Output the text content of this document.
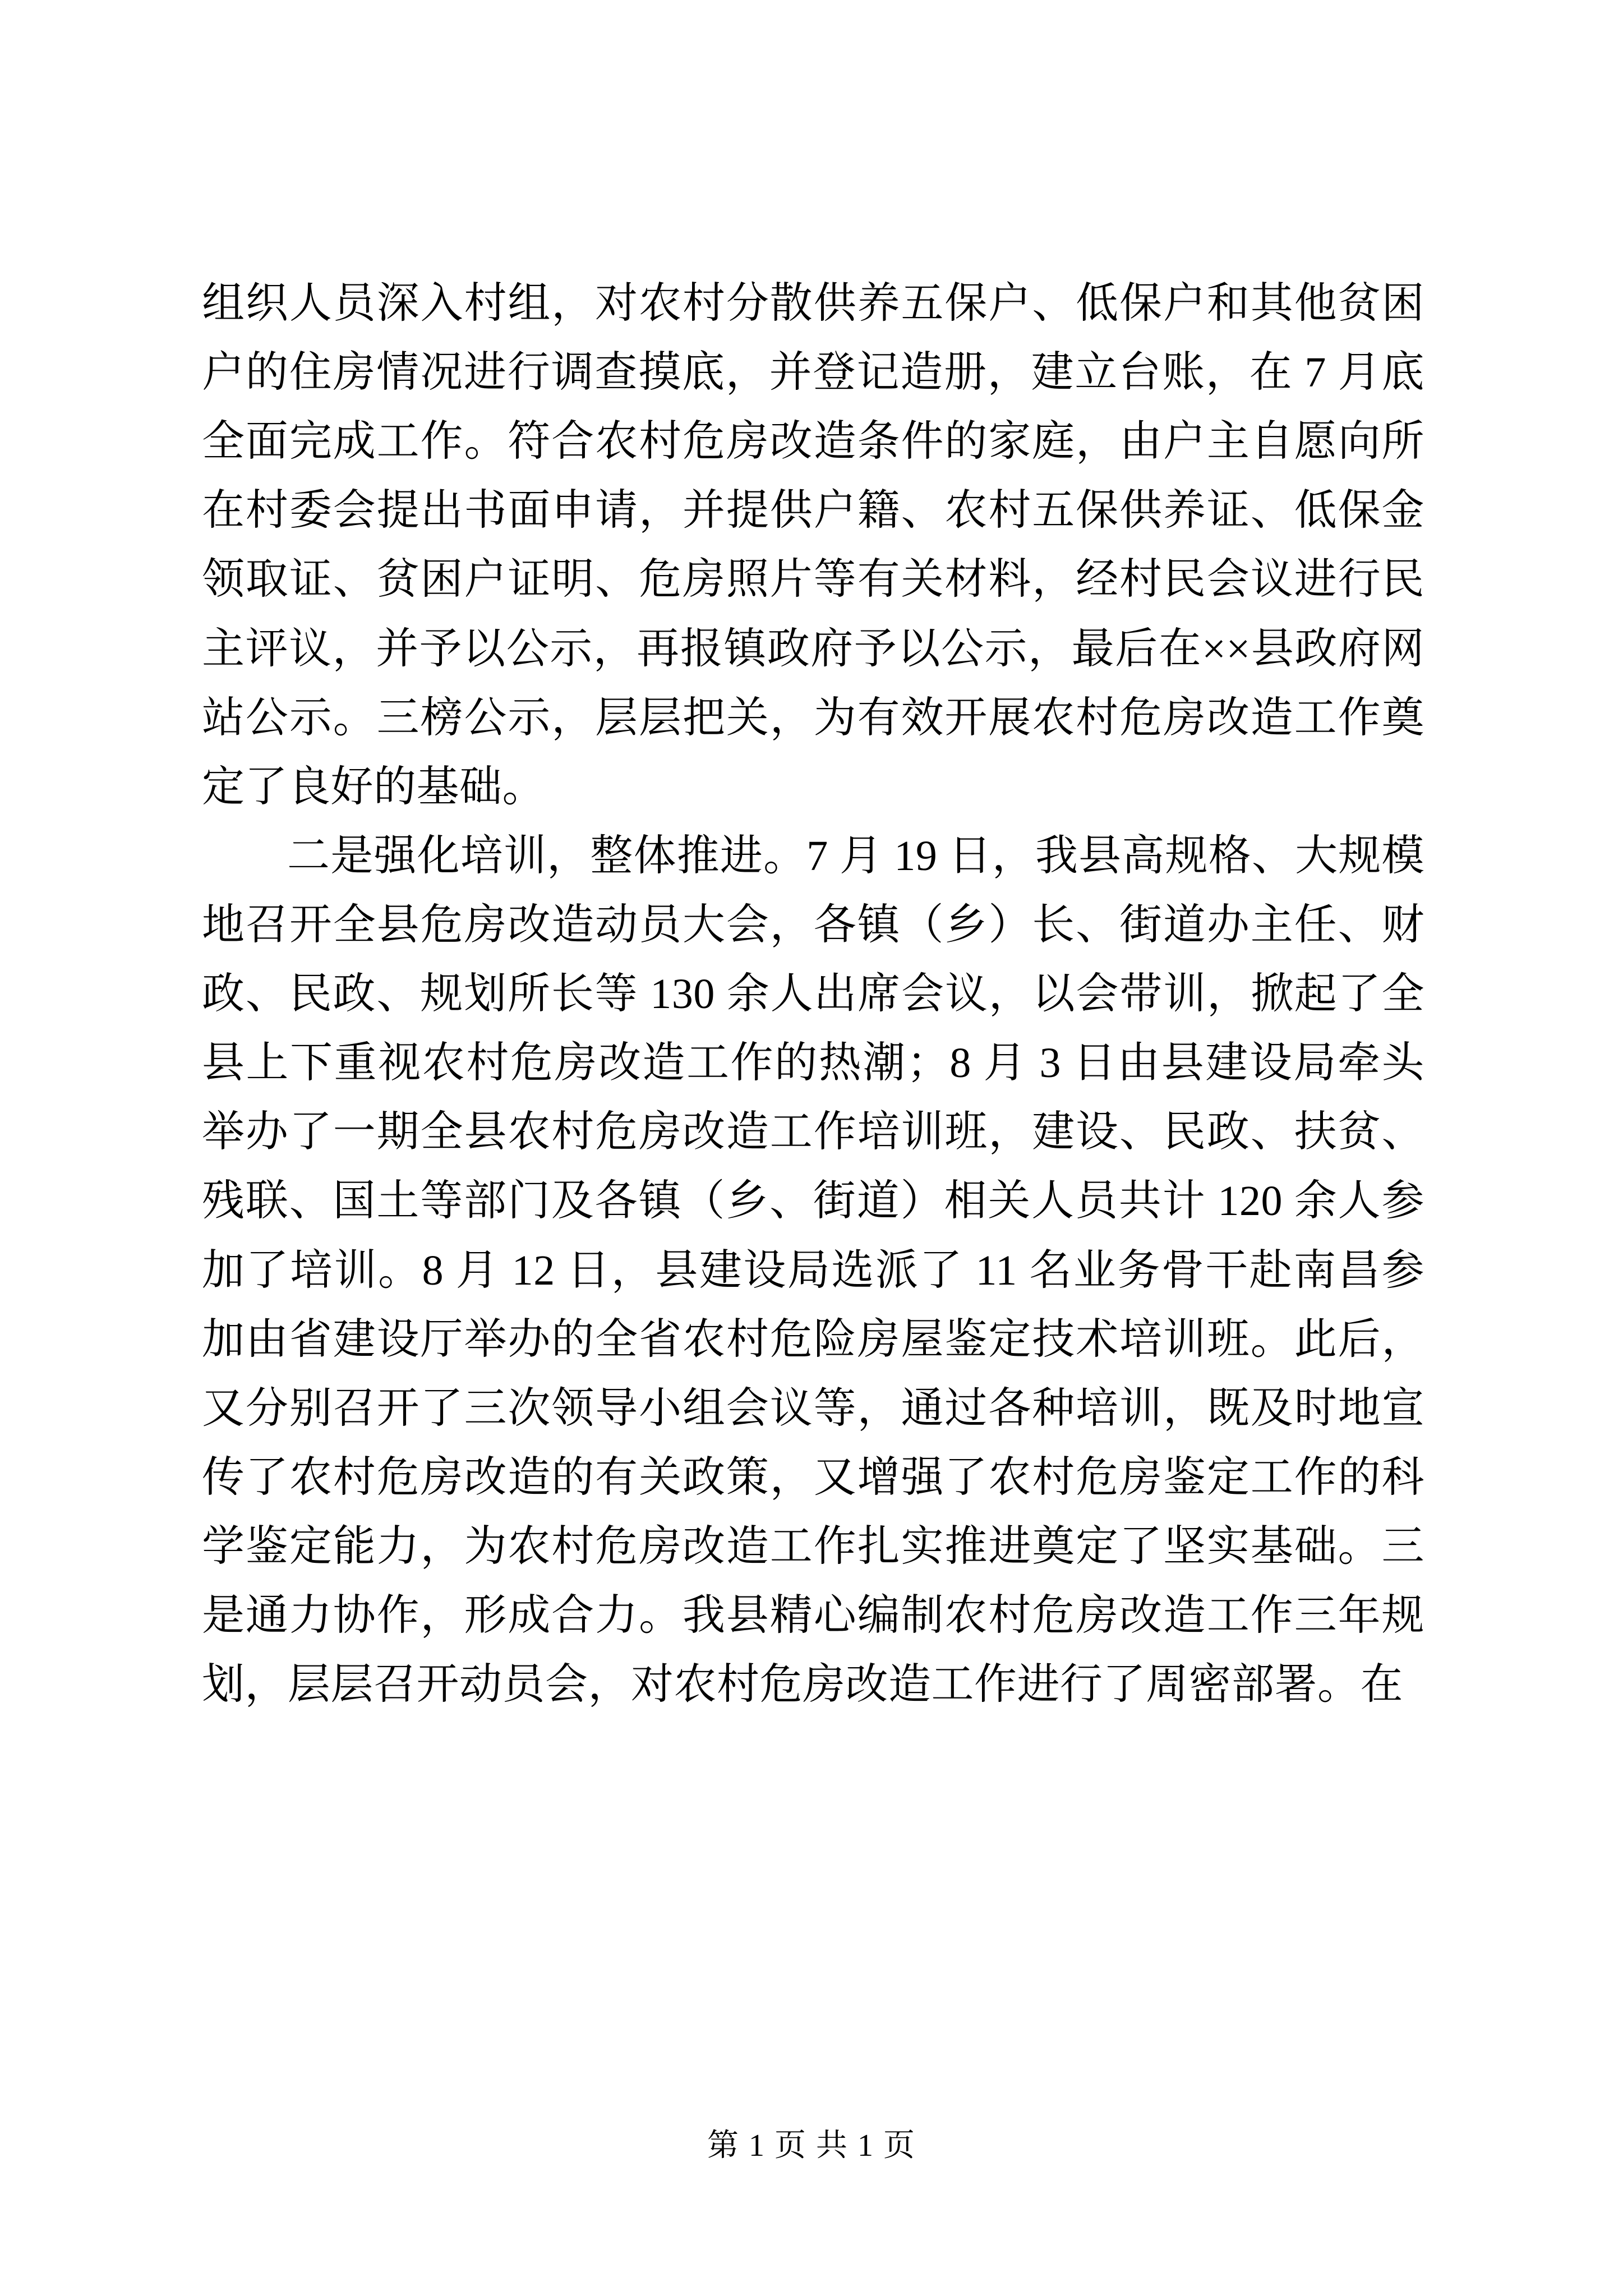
组织人员深入村组，对农村分散供养五保户、低保户和其他贫困户的住房情况进行调查摸底，并登记造册，建立台账，在 7 月底全面完成工作。符合农村危房改造条件的家庭，由户主自愿向所在村委会提出书面申请，并提供户籍、农村五保供养证、低保金领取证、贫困户证明、危房照片等有关材料，经村民会议进行民主评议，并予以公示，再报镇政府予以公示，最后在××县政府网站公示。三榜公示，层层把关，为有效开展农村危房改造工作奠定了良好的基础。

二是强化培训，整体推进。7 月 19 日，我县高规格、大规模地召开全县危房改造动员大会，各镇（乡）长、街道办主任、财政、民政、规划所长等 130 余人出席会议，以会带训，掀起了全县上下重视农村危房改造工作的热潮；8 月 3 日由县建设局牵头举办了一期全县农村危房改造工作培训班，建设、民政、扶贫、残联、国土等部门及各镇（乡、街道）相关人员共计 120 余人参加了培训。8 月 12 日，县建设局选派了 11 名业务骨干赴南昌参加由省建设厅举办的全省农村危险房屋鉴定技术培训班。此后，又分别召开了三次领导小组会议等，通过各种培训，既及时地宣传了农村危房改造的有关政策，又增强了农村危房鉴定工作的科学鉴定能力，为农村危房改造工作扎实推进奠定了坚实基础。三是通力协作，形成合力。我县精心编制农村危房改造工作三年规划，层层召开动员会，对农村危房改造工作进行了周密部署。在

第 1 页 共 1 页
